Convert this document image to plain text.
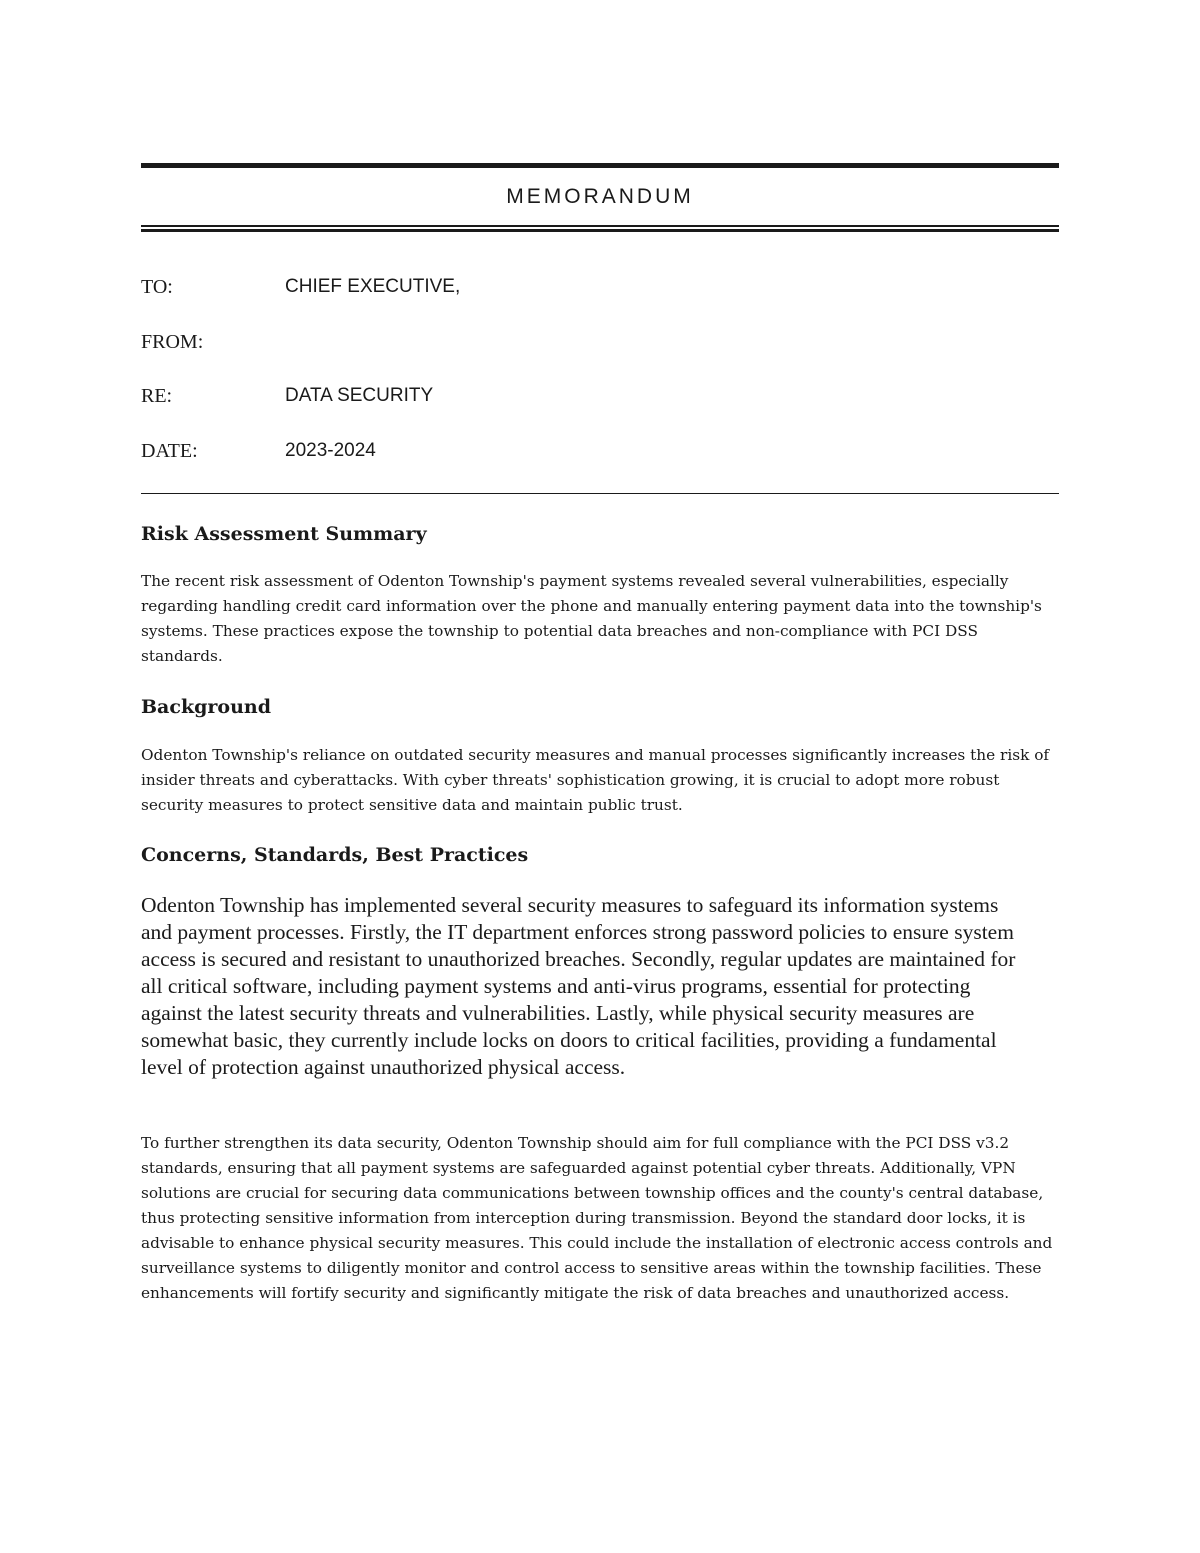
MEMORANDUM
TO:	CHIEF EXECUTIVE,
FROM:
RE:	DATA SECURITY
DATE:	2023-2024
Risk Assessment Summary

The recent risk assessment of Odenton Township's payment systems revealed several vulnerabilities, especially regarding handling credit card information over the phone and manually entering payment data into the township's systems. These practices expose the township to potential data breaches and non-compliance with PCI DSS standards.

Background

Odenton Township's reliance on outdated security measures and manual processes significantly increases the risk of insider threats and cyberattacks. With cyber threats' sophistication growing, it is crucial to adopt more robust security measures to protect sensitive data and maintain public trust.

Concerns, Standards, Best Practices

Odenton Township has implemented several security measures to safeguard its information systems and payment processes. Firstly, the IT department enforces strong password policies to ensure system access is secured and resistant to unauthorized breaches. Secondly, regular updates are maintained for all critical software, including payment systems and anti-virus programs, essential for protecting against the latest security threats and vulnerabilities. Lastly, while physical security measures are somewhat basic, they currently include locks on doors to critical facilities, providing a fundamental level of protection against unauthorized physical access.

To further strengthen its data security, Odenton Township should aim for full compliance with the PCI DSS v3.2 standards, ensuring that all payment systems are safeguarded against potential cyber threats. Additionally, VPN solutions are crucial for securing data communications between township offices and the county's central database, thus protecting sensitive information from interception during transmission. Beyond the standard door locks, it is advisable to enhance physical security measures. This could include the installation of electronic access controls and surveillance systems to diligently monitor and control access to sensitive areas within the township facilities. These enhancements will fortify security and significantly mitigate the risk of data breaches and unauthorized access.
